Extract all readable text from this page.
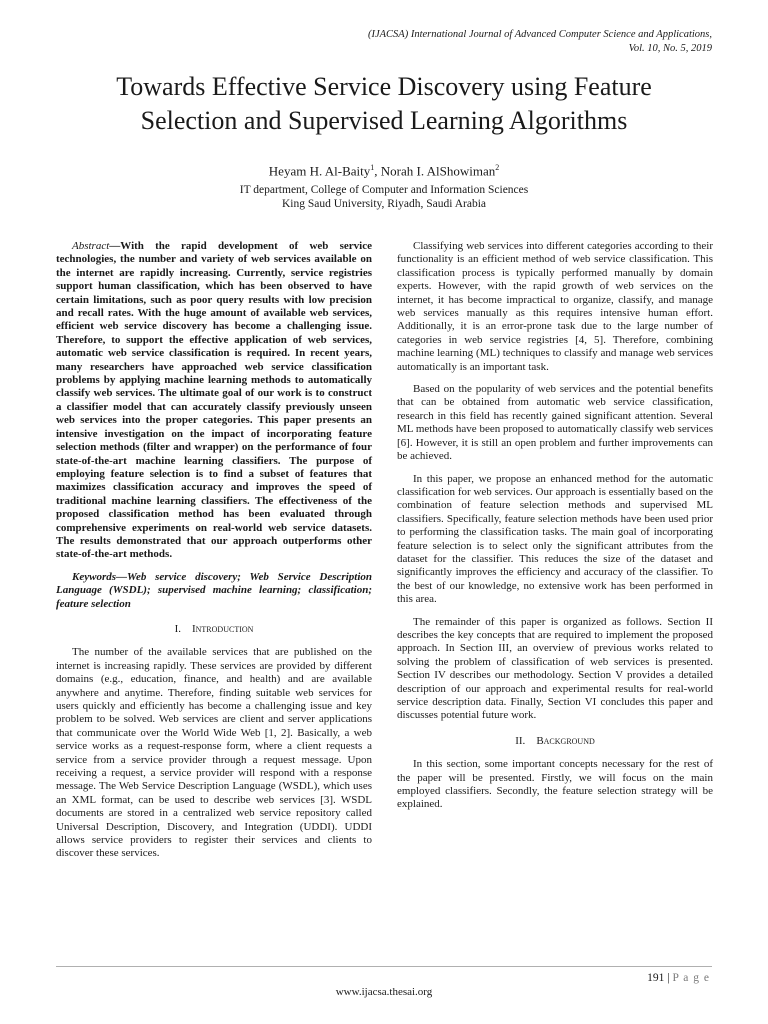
(IJACSA) International Journal of Advanced Computer Science and Applications,
Vol. 10, No. 5, 2019
Towards Effective Service Discovery using Feature
Selection and Supervised Learning Algorithms
Heyam H. Al-Baity$^1$, Norah I. AlShowiman$^2$
IT department, College of Computer and Information Sciences
King Saud University, Riyadh, Saudi Arabia

Abstract—With the rapid development of web service technologies, the number and variety of web services available on the internet are rapidly increasing. Currently, service registries support human classification, which has been observed to have certain limitations, such as poor query results with low precision and recall rates. With the huge amount of available web services, efficient web service discovery has become a challenging issue. Therefore, to support the effective application of web services, automatic web service classification is required. In recent years, many researchers have approached web service classification problems by applying machine learning methods to automatically classify web services. The ultimate goal of our work is to construct a classifier model that can accurately classify previously unseen web services into the proper categories. This paper presents an intensive investigation on the impact of incorporating feature selection methods (filter and wrapper) on the performance of four state-of-the-art machine learning classifiers. The purpose of employing feature selection is to find a subset of features that maximizes classification accuracy and improves the speed of traditional machine learning classifiers. The effectiveness of the proposed classification method has been evaluated through comprehensive experiments on real-world web service datasets. The results demonstrated that our approach outperforms other state-of-the-art methods.

Keywords—Web service discovery; Web Service Description Language (WSDL); supervised machine learning; classification; feature selection

I. Introduction

The number of the available services that are published on the internet is increasing rapidly. These services are provided by different domains (e.g., education, finance, and health) and are available anywhere and anytime. Therefore, finding suitable web services for users quickly and efficiently has become a challenging issue and key problem to be solved. Web services are client and server applications that communicate over the World Wide Web [1, 2]. Basically, a web service works as a request-response form, where a client requests a service from a service provider through a request message. Upon receiving a request, a service provider will respond with a response message. The Web Service Description Language (WSDL), which uses an XML format, can be used to describe web services [3]. WSDL documents are stored in a centralized web service repository called Universal Description, Discovery, and Integration (UDDI). UDDI allows service providers to register their services and clients to discover these services.

Classifying web services into different categories according to their functionality is an efficient method of web service classification. This classification process is typically performed manually by domain experts. However, with the rapid growth of web services on the internet, it has become impractical to organize, classify, and manage web services manually as this requires intensive human effort. Additionally, it is an error-prone task due to the large number of categories in web service registries [4, 5]. Therefore, combining machine learning (ML) techniques to classify and manage web services automatically is an important task.

Based on the popularity of web services and the potential benefits that can be obtained from automatic web service classification, research in this field has recently gained significant attention. Several ML methods have been proposed to automatically classify web services [6]. However, it is still an open problem and further improvements can be achieved.

In this paper, we propose an enhanced method for the automatic classification for web services. Our approach is essentially based on the combination of feature selection methods and supervised ML classifiers. Specifically, feature selection methods have been used prior to performing the classification tasks. The main goal of incorporating feature selection is to select only the significant attributes from the dataset for the classifier. This reduces the size of the dataset and significantly improves the efficiency and accuracy of the classifier. To the best of our knowledge, no extensive work has been performed in this area.

The remainder of this paper is organized as follows. Section II describes the key concepts that are required to implement the proposed approach. In Section III, an overview of previous works related to solving the problem of classification of web services is presented. Section IV describes our methodology. Section V provides a detailed description of our approach and experimental results for real-world service description data. Finally, Section VI concludes this paper and discusses potential future work.

II. Background

In this section, some important concepts necessary for the rest of the paper will be presented. Firstly, we will focus on the main employed classifiers. Secondly, the feature selection strategy will be explained.

191 | P a g e
www.ijacsa.thesai.org
